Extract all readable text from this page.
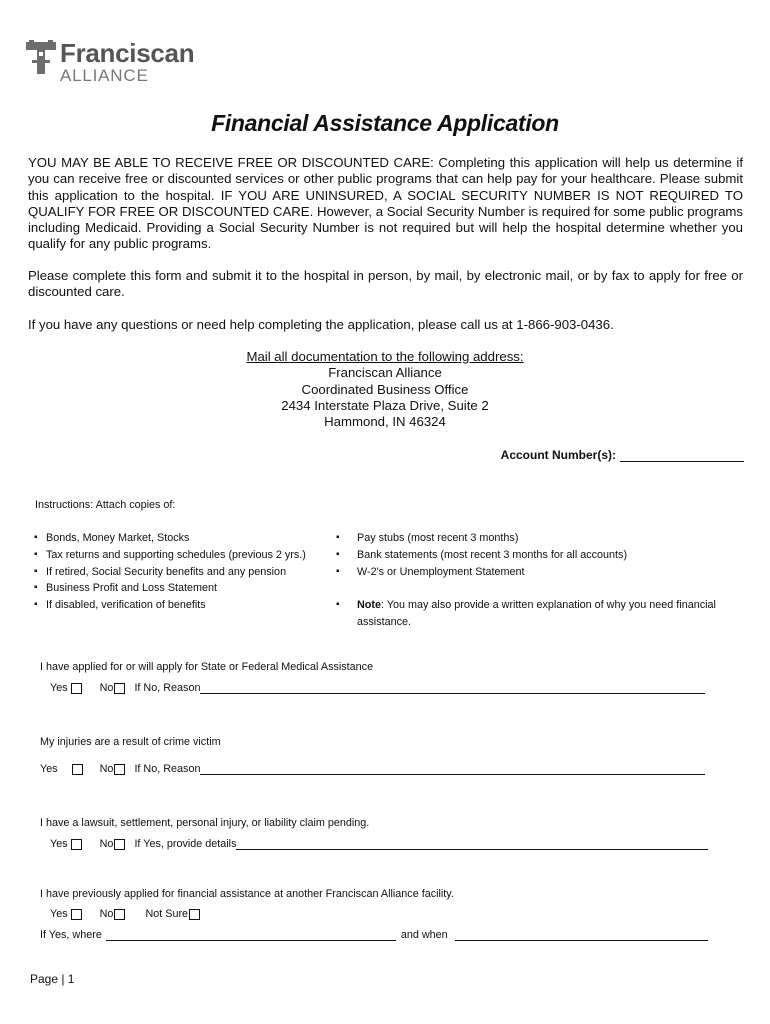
Franciscan
ALLIANCE
Financial Assistance Application

YOU MAY BE ABLE TO RECEIVE FREE OR DISCOUNTED CARE: Completing this application will help us determine if you can receive free or discounted services or other public programs that can help pay for your healthcare. Please submit this application to the hospital. IF YOU ARE UNINSURED, A SOCIAL SECURITY NUMBER IS NOT REQUIRED TO QUALIFY FOR FREE OR DISCOUNTED CARE. However, a Social Security Number is required for some public programs including Medicaid. Providing a Social Security Number is not required but will help the hospital determine whether you qualify for any public programs.

Please complete this form and submit it to the hospital in person, by mail, by electronic mail, or by fax to apply for free or discounted care.

If you have any questions or need help completing the application, please call us at 1-866-903-0436.

Mail all documentation to the following address:
Franciscan Alliance
Coordinated Business Office
2434 Interstate Plaza Drive, Suite 2
Hammond, IN 46324
Account Number(s):
Instructions: Attach copies of:
▪ Bonds, Money Market, Stocks
▪ Tax returns and supporting schedules (previous 2 yrs.)
▪ If retired, Social Security benefits and any pension
▪ Business Profit and Loss Statement
▪ If disabled, verification of benefits
▪ Pay stubs (most recent 3 months)
▪ Bank statements (most recent 3 months for all accounts)
▪ W-2's or Unemployment Statement
▪ Note: You may also provide a written explanation of why you need financial assistance.
I have applied for or will apply for State or Federal Medical Assistance
Yes	No If No, Reason
My injuries are a result of crime victim
Yes	No If No, Reason
I have a lawsuit, settlement, personal injury, or liability claim pending.
Yes	No If Yes, provide details
I have previously applied for financial assistance at another Franciscan Alliance facility.
Yes	No	Not Sure
If Yes, where	and when
Page | 1
